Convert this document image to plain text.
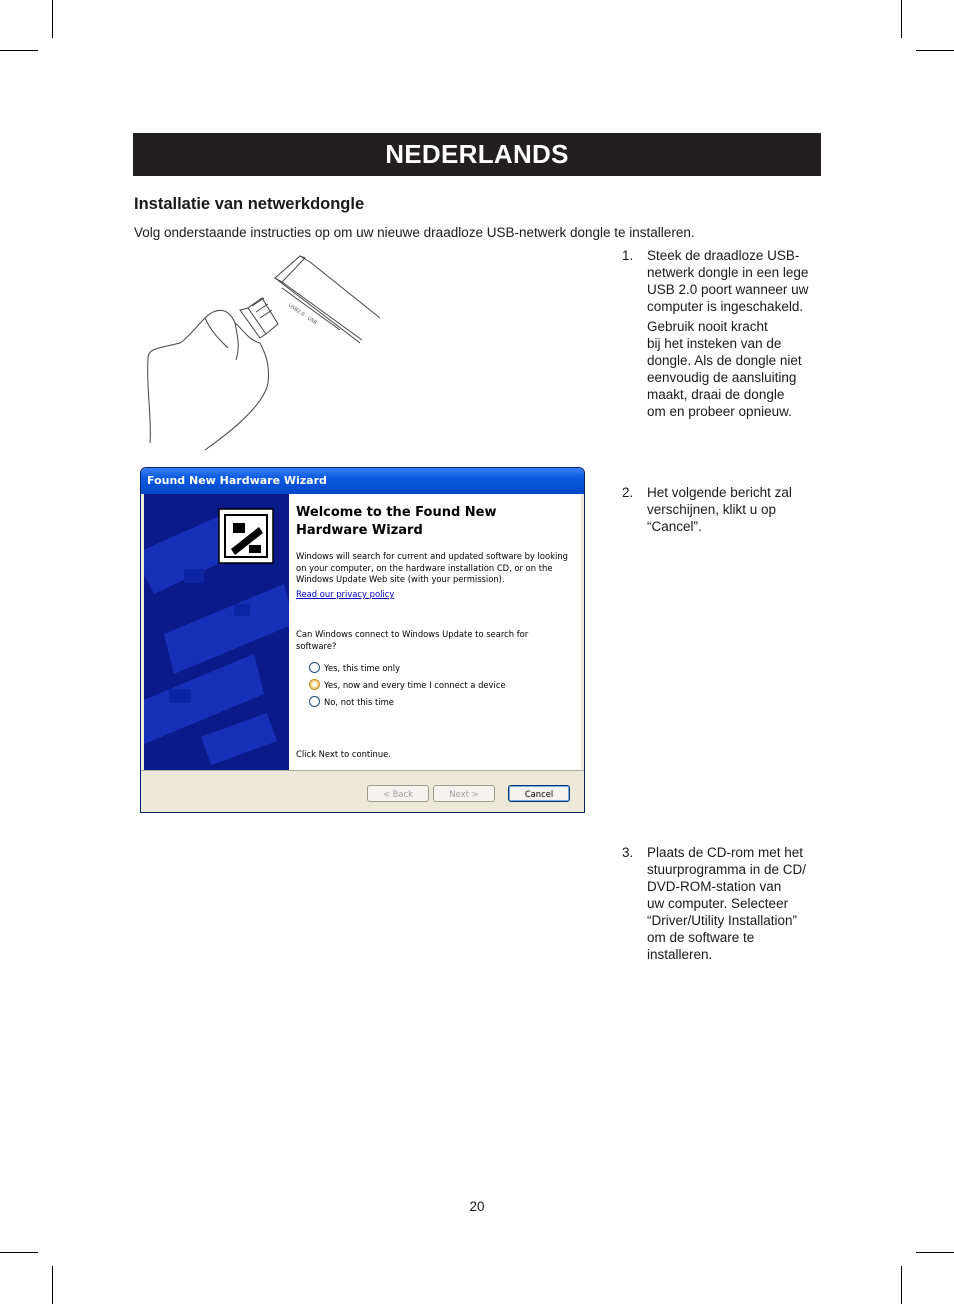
NEDERLANDS
Installatie van netwerkdongle
Volg onderstaande instructies op om uw nieuwe draadloze USB-netwerk dongle te installeren.
USB2.0 · USB
1. Steek de draadloze USB-
netwerk dongle in een lege
USB 2.0 poort wanneer uw
computer is ingeschakeld.
Gebruik nooit kracht
bij het insteken van de
dongle. Als de dongle niet
eenvoudig de aansluiting
maakt, draai de dongle
om en probeer opnieuw.
2. Het volgende bericht zal
verschijnen, klikt u op
“Cancel”.
3. Plaats de CD-rom met het
stuurprogramma in de CD/
DVD-ROM-station van
uw computer. Selecteer
“Driver/Utility Installation”
om de software te
installeren.
Found New Hardware Wizard
Welcome to the Found New
Hardware Wizard
Windows will search for current and updated software by looking on your computer, on the hardware installation CD, or on the Windows Update Web site (with your permission).
Read our privacy policy
Can Windows connect to Windows Update to search for software?
Yes, this time only
Yes, now and every time I connect a device
No, not this time
Click Next to continue.
< Back	Next >	Cancel
20
